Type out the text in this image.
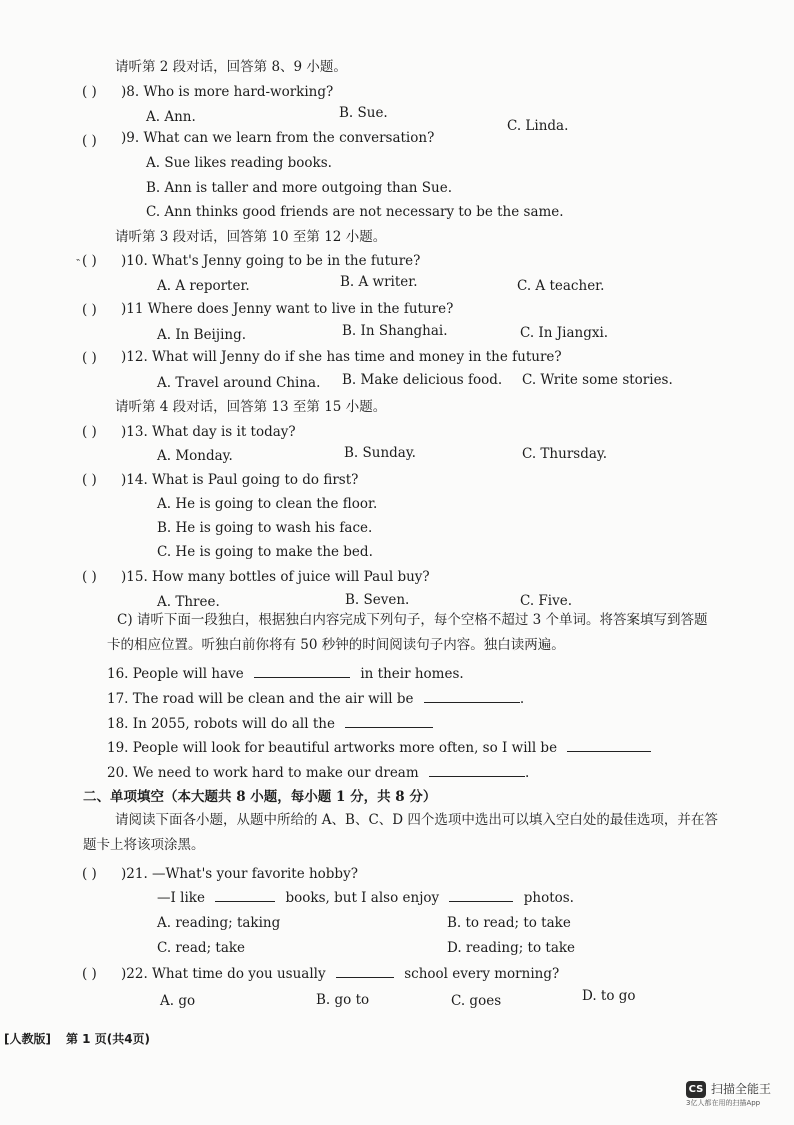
请听第 2 段对话，回答第 8、9 小题。
( ) )8. Who is more hard-working?
A. Ann.	B. Sue.
C. Linda.
( ) )9. What can we learn from the conversation?
A. Sue likes reading books.
B. Ann is taller and more outgoing than Sue.
C. Ann thinks good friends are not necessary to be the same.
请听第 3 段对话，回答第 10 至第 12 小题。
‶ ( ) )10. What's Jenny going to be in the future?
A. A reporter.	B. A writer.	C. A teacher.
( ) )11 Where does Jenny want to live in the future?
A. In Beijing.	B. In Shanghai.	C. In Jiangxi.
( ) )12. What will Jenny do if she has time and money in the future?
A. Travel around China. B. Make delicious food. C. Write some stories.
请听第 4 段对话，回答第 13 至第 15 小题。
( ) )13. What day is it today?
A. Monday.	B. Sunday.	C. Thursday.
( ) )14. What is Paul going to do first?
A. He is going to clean the floor.
B. He is going to wash his face.
C. He is going to make the bed.
( ) )15. How many bottles of juice will Paul buy?
A. Three.	B. Seven.	C. Five.
C) 请听下面一段独白，根据独白内容完成下列句子，每个空格不超过 3 个单词。将答案填写到答题卡的相应位置。听独白前你将有 50 秒钟的时间阅读句子内容。独白读两遍。
16. People will have	in their homes.
17. The road will be clean and the air will be	.
18. In 2055, robots will do all the
19. People will look for beautiful artworks more often, so I will be
20. We need to work hard to make our dream	.
二、单项填空（本大题共 8 小题，每小题 1 分，共 8 分）
请阅读下面各小题，从题中所给的 A、B、C、D 四个选项中选出可以填入空白处的最佳选项，并在答题卡上将该项涂黑。
( ) )21. —What's your favorite hobby?
—I like	books, but I also enjoy	photos.
A. reading; taking	B. to read; to take
C. read; take	D. reading; to take
( ) )22. What time do you usually	school every morning?
A. go	B. go to	C. goes	D. to go
[人教版] 第 1 页(共4页)
CS 扫描全能王
3亿人都在用的扫描App
